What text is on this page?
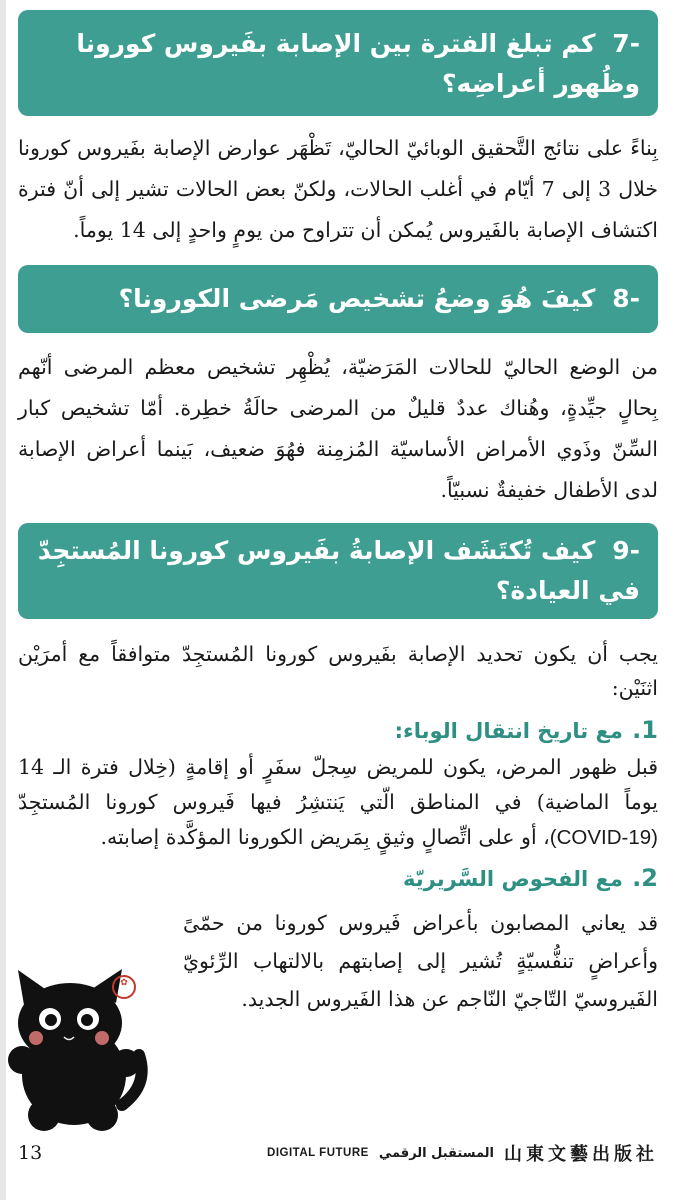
-7 كم تبلغ الفترة بين الإصابة بفَيروس كورونا وظُهور أعراضِه؟

بِناءً على نتائج التَّحقيق الوبائيّ الحاليّ، تَظْهَر عوارض الإصابة بفَيروس كورونا خلال 3 إلى 7 أيّام في أغلب الحالات، ولكنّ بعض الحالات تشير إلى أنّ فترة اكتشاف الإصابة بالفَيروس يُمكن أن تتراوح من يومٍ واحدٍ إلى 14 يوماً.

-8 كيفَ هُوَ وضعُ تشخيص مَرضى الكورونا؟

من الوضع الحاليّ للحالات المَرَضيّة، يُظْهِر تشخيص معظم المرضى أنّهم بِحالٍ جيِّدةٍ، وهُناك عددٌ قليلٌ من المرضى حالَةُ خطِرة. أمّا تشخيص كبار السِّنّ وذَوي الأمراض الأساسيّة المُزمِنة فهُوَ ضعيف، بَينما أعراض الإصابة لدى الأطفال خفيفةٌ نسبيّاً.

-9 كيف تُكتَشَف الإصابةُ بفَيروس كورونا المُستجِدّ في العيادة؟

يجب أن يكون تحديد الإصابة بفَيروس كورونا المُستجِدّ متوافقاً مع أمرَيْن اثنَيْن:

1. مع تاريخ انتقال الوباء:

قبل ظهور المرض، يكون للمريض سِجلّ سفَرٍ أو إقامةٍ (خِلال فترة الـ 14 يوماً الماضية) في المناطق الّتي يَنتشِرُ فيها فَيروس كورونا المُستجِدّ (COVID-19)، أو على اتِّصالٍ وثيقٍ بِمَريض الكورونا المؤكَّدة إصابته.

2. مع الفحوص السَّريريّة

قد يعاني المصابون بأعراض فَيروس كورونا من حمّىً وأعراضٍ تنفُّسيّةٍ تُشير إلى إصابتهم بالالتهاب الرِّئويّ الفَيروسيّ التّاجيّ النّاجم عن هذا الفَيروس الجديد.

✿
13	DIGITAL FUTURE المستقبل الرقمي 山東文藝出版社
